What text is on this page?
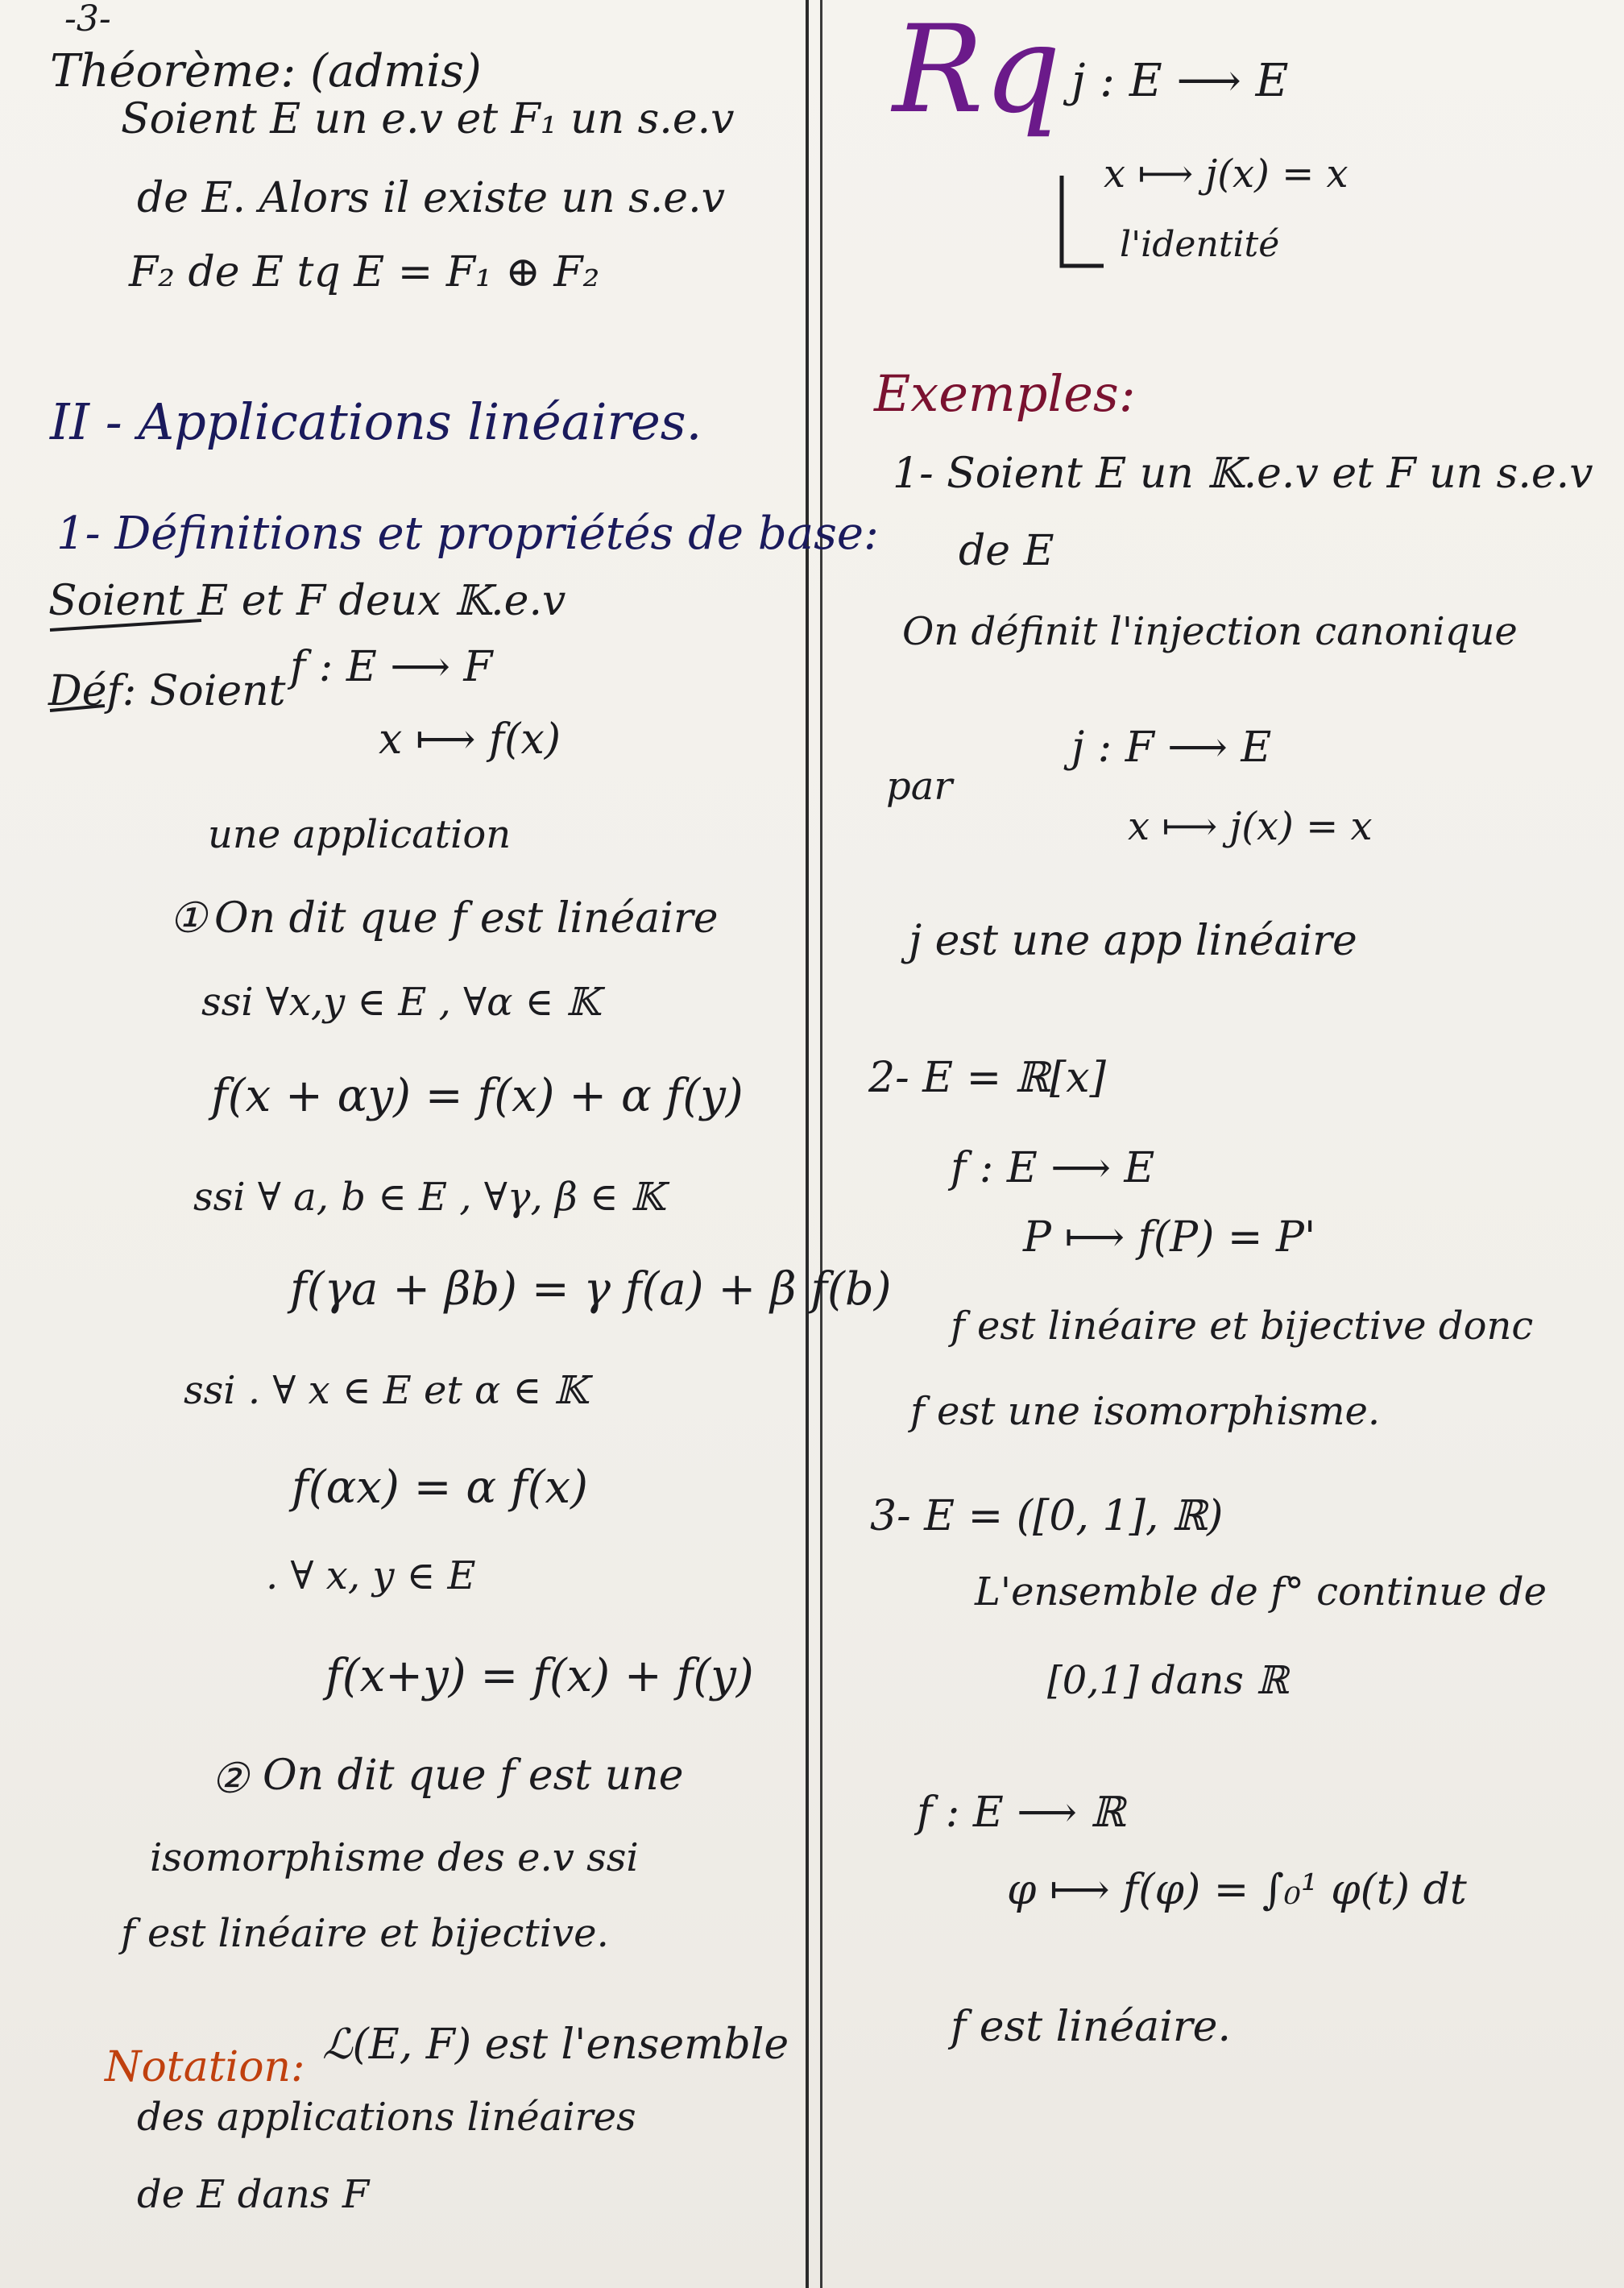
-3-
Théorème: (admis)
Soient E un e.v et F₁ un s.e.v
de E. Alors il existe un s.e.v
F₂ de E tq E = F₁ ⊕ F₂
II - Applications linéaires.
1- Définitions et propriétés de base:
Soient E et F deux 𝕂.e.v
Déf: Soient f : E ⟶ F
x ⟼ f(x)
une application
① On dit que f est linéaire
ssi ∀x,y ∈ E , ∀α ∈ 𝕂
f(x + αy) = f(x) + α f(y)
ssi ∀ a, b ∈ E , ∀γ, β ∈ 𝕂
f(γa + βb) = γ f(a) + β f(b)
ssi . ∀ x ∈ E et α ∈ 𝕂
f(αx) = α f(x)
. ∀ x, y ∈ E
f(x+y) = f(x) + f(y)
② On dit que f est une
isomorphisme des e.v ssi
f est linéaire et bijective.
Notation: ℒ(E, F) est l'ensemble
des applications linéaires
de E dans F
Rq j : E ⟶ E
x ⟼ j(x) = x
l'identité
Exemples:
1- Soient E un 𝕂.e.v et F un s.e.v
de E
On définit l'injection canonique
par
j : F ⟶ E
x ⟼ j(x) = x
j est une app linéaire
2- E = ℝ[x]
f : E ⟶ E
P ⟼ f(P) = P'
f est linéaire et bijective donc
f est une isomorphisme.
3- E = ([0, 1], ℝ)
L'ensemble de f° continue de
[0,1] dans ℝ
f : E ⟶ ℝ
φ ⟼ f(φ) = ∫₀¹ φ(t) dt
f est linéaire.
